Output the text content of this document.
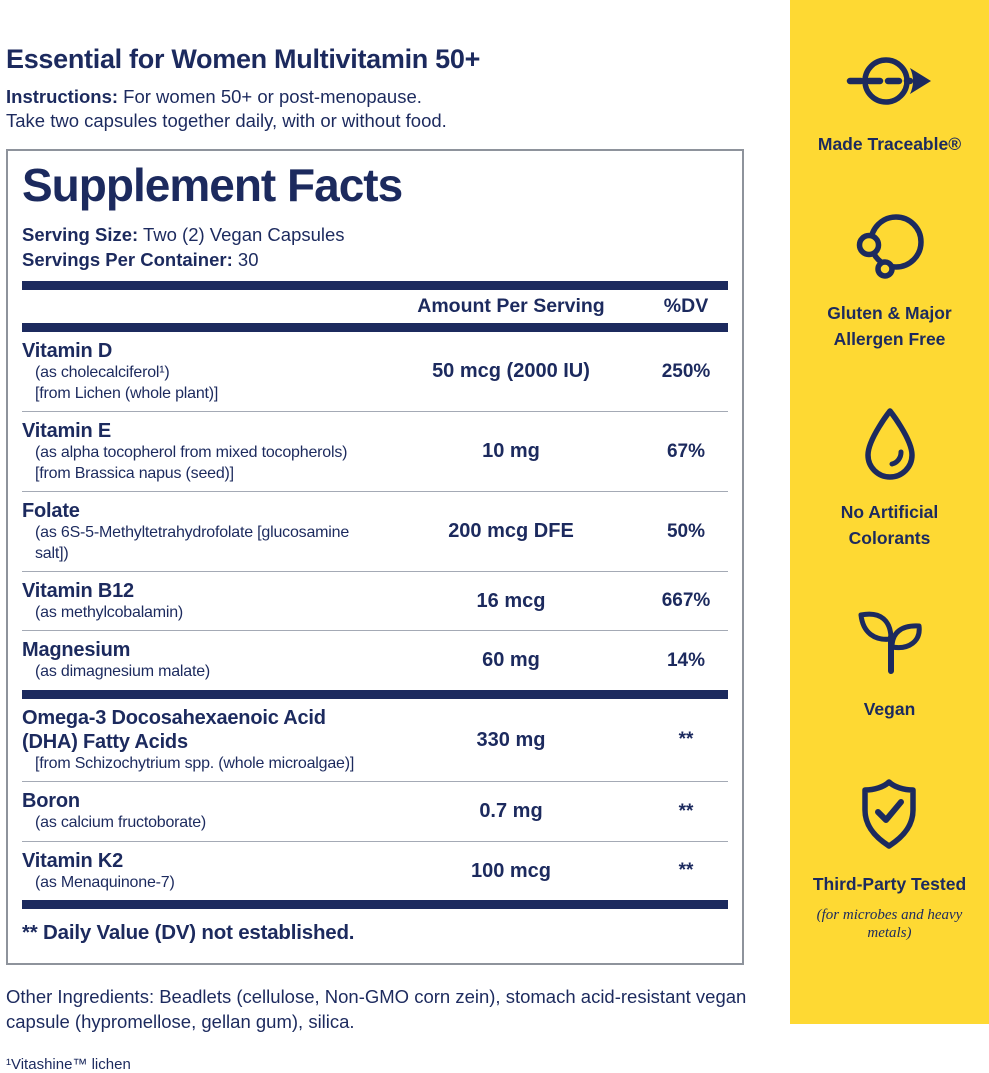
Essential for Women Multivitamin 50+
Instructions: For women 50+ or post-menopause.
Take two capsules together daily, with or without food.
Supplement Facts
Serving Size: Two (2) Vegan Capsules
Servings Per Container: 30
Amount Per Serving	%DV
Vitamin D
(as cholecalciferol¹)
[from Lichen (whole plant)]
50 mcg (2000 IU)	250%
Vitamin E
(as alpha tocopherol from mixed tocopherols)
[from Brassica napus (seed)]
10 mg	67%
Folate
(as 6S-5-Methyltetrahydrofolate [glucosamine salt])
200 mcg DFE	50%
Vitamin B12
(as methylcobalamin)
16 mcg	667%
Magnesium
(as dimagnesium malate)
60 mg	14%
Omega-3 Docosahexaenoic Acid (DHA) Fatty Acids
[from Schizochytrium spp. (whole microalgae)]
330 mg	**
Boron
(as calcium fructoborate)
0.7 mg	**
Vitamin K2
(as Menaquinone-7)
100 mcg	**
** Daily Value (DV) not established.
Other Ingredients: Beadlets (cellulose, Non-GMO corn zein), stomach acid-resistant vegan capsule (hypromellose, gellan gum), silica.
¹Vitashine™ lichen
Made Traceable®
Gluten & Major Allergen Free
No Artificial Colorants
Vegan
Third-Party Tested
(for microbes and heavy metals)
